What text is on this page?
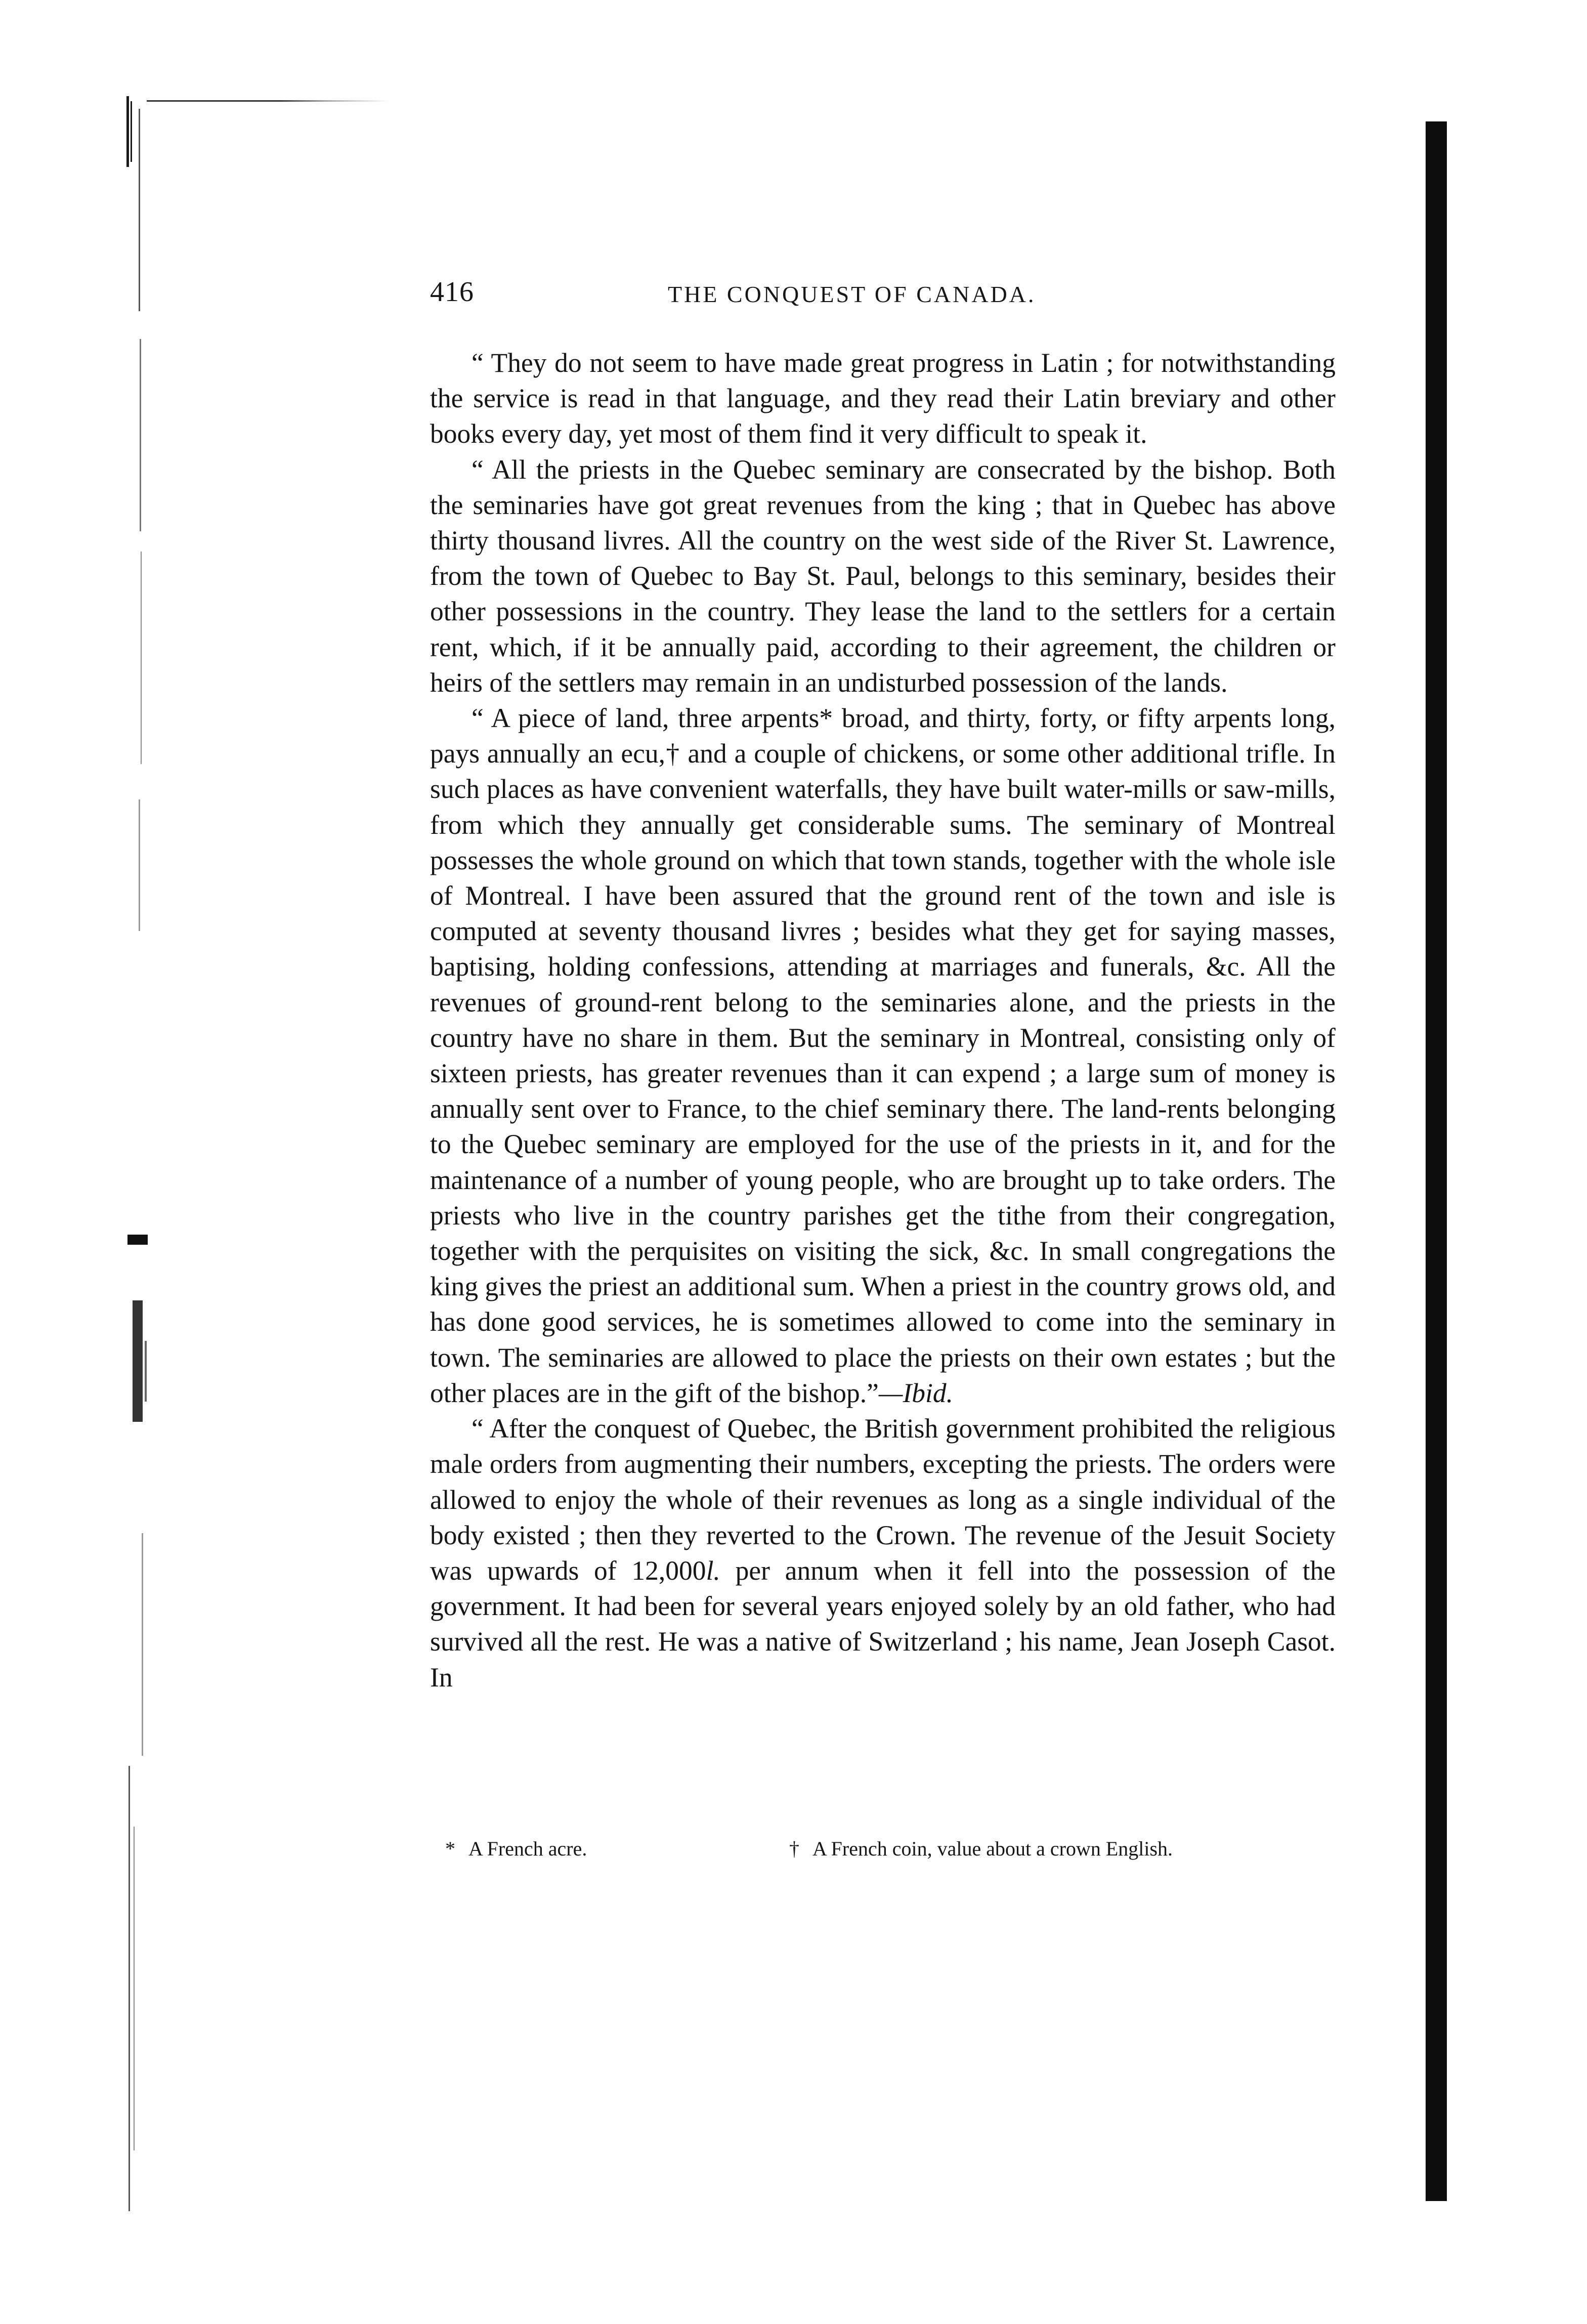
416	THE CONQUEST OF CANADA.

“ They do not seem to have made great progress in Latin ; for notwithstanding the service is read in that language, and they read their Latin breviary and other books every day, yet most of them find it very difficult to speak it.

“ All the priests in the Quebec seminary are consecrated by the bishop. Both the seminaries have got great revenues from the king ; that in Quebec has above thirty thousand livres. All the country on the west side of the River St. Lawrence, from the town of Quebec to Bay St. Paul, belongs to this seminary, besides their other possessions in the country. They lease the land to the settlers for a certain rent, which, if it be annually paid, according to their agreement, the children or heirs of the settlers may remain in an undisturbed possession of the lands.

“ A piece of land, three arpents* broad, and thirty, forty, or fifty arpents long, pays annually an ecu,† and a couple of chickens, or some other additional trifle. In such places as have convenient waterfalls, they have built water-mills or saw-mills, from which they annually get considerable sums. The seminary of Montreal possesses the whole ground on which that town stands, together with the whole isle of Montreal. I have been assured that the ground rent of the town and isle is computed at seventy thousand livres ; besides what they get for saying masses, baptising, holding confessions, attending at marriages and funerals, &c. All the revenues of ground-rent belong to the seminaries alone, and the priests in the country have no share in them. But the seminary in Montreal, consisting only of sixteen priests, has greater revenues than it can expend ; a large sum of money is annually sent over to France, to the chief seminary there. The land-rents belonging to the Quebec seminary are employed for the use of the priests in it, and for the maintenance of a number of young people, who are brought up to take orders. The priests who live in the country parishes get the tithe from their congregation, together with the perquisites on visiting the sick, &c. In small congregations the king gives the priest an additional sum. When a priest in the country grows old, and has done good services, he is sometimes allowed to come into the seminary in town. The seminaries are allowed to place the priests on their own estates ; but the other places are in the gift of the bishop.”—Ibid.

“ After the conquest of Quebec, the British government prohibited the religious male orders from augmenting their numbers, excepting the priests. The orders were allowed to enjoy the whole of their revenues as long as a single individual of the body existed ; then they reverted to the Crown. The revenue of the Jesuit Society was upwards of 12,000l. per annum when it fell into the possession of the government. It had been for several years enjoyed solely by an old father, who had survived all the rest. He was a native of Switzerland ; his name, Jean Joseph Casot. In

* A French acre.	† A French coin, value about a crown English.
